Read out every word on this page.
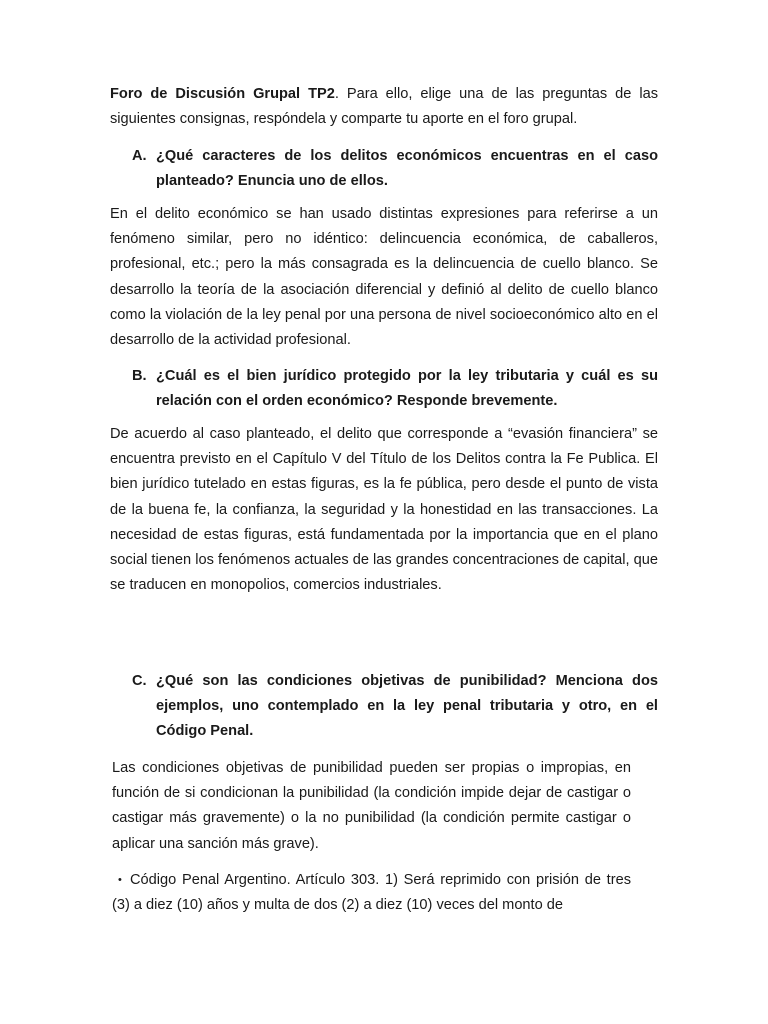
Foro de Discusión Grupal TP2. Para ello, elige una de las preguntas de las siguientes consignas, respóndela y comparte tu aporte en el foro grupal.

A. ¿Qué caracteres de los delitos económicos encuentras en el caso planteado? Enuncia uno de ellos.

En el delito económico se han usado distintas expresiones para referirse a un fenómeno similar, pero no idéntico: delincuencia económica, de caballeros, profesional, etc.; pero la más consagrada es la delincuencia de cuello blanco. Se desarrollo la teoría de la asociación diferencial y definió al delito de cuello blanco como la violación de la ley penal por una persona de nivel socioeconómico alto en el desarrollo de la actividad profesional.

B. ¿Cuál es el bien jurídico protegido por la ley tributaria y cuál es su relación con el orden económico? Responde brevemente.

De acuerdo al caso planteado, el delito que corresponde a “evasión financiera” se encuentra previsto en el Capítulo V del Título de los Delitos contra la Fe Publica. El bien jurídico tutelado en estas figuras, es la fe pública, pero desde el punto de vista de la buena fe, la confianza, la seguridad y la honestidad en las transacciones. La necesidad de estas figuras, está fundamentada por la importancia que en el plano social tienen los fenómenos actuales de las grandes concentraciones de capital, que se traducen en monopolios, comercios industriales.

C. ¿Qué son las condiciones objetivas de punibilidad? Menciona dos ejemplos, uno contemplado en la ley penal tributaria y otro, en el Código Penal.

Las condiciones objetivas de punibilidad pueden ser propias o impropias, en función de si condicionan la punibilidad (la condición impide dejar de castigar o castigar más gravemente) o la no punibilidad (la condición permite castigar o aplicar una sanción más grave).

• Código Penal Argentino. Artículo 303. 1) Será reprimido con prisión de tres (3) a diez (10) años y multa de dos (2) a diez (10) veces del monto de
